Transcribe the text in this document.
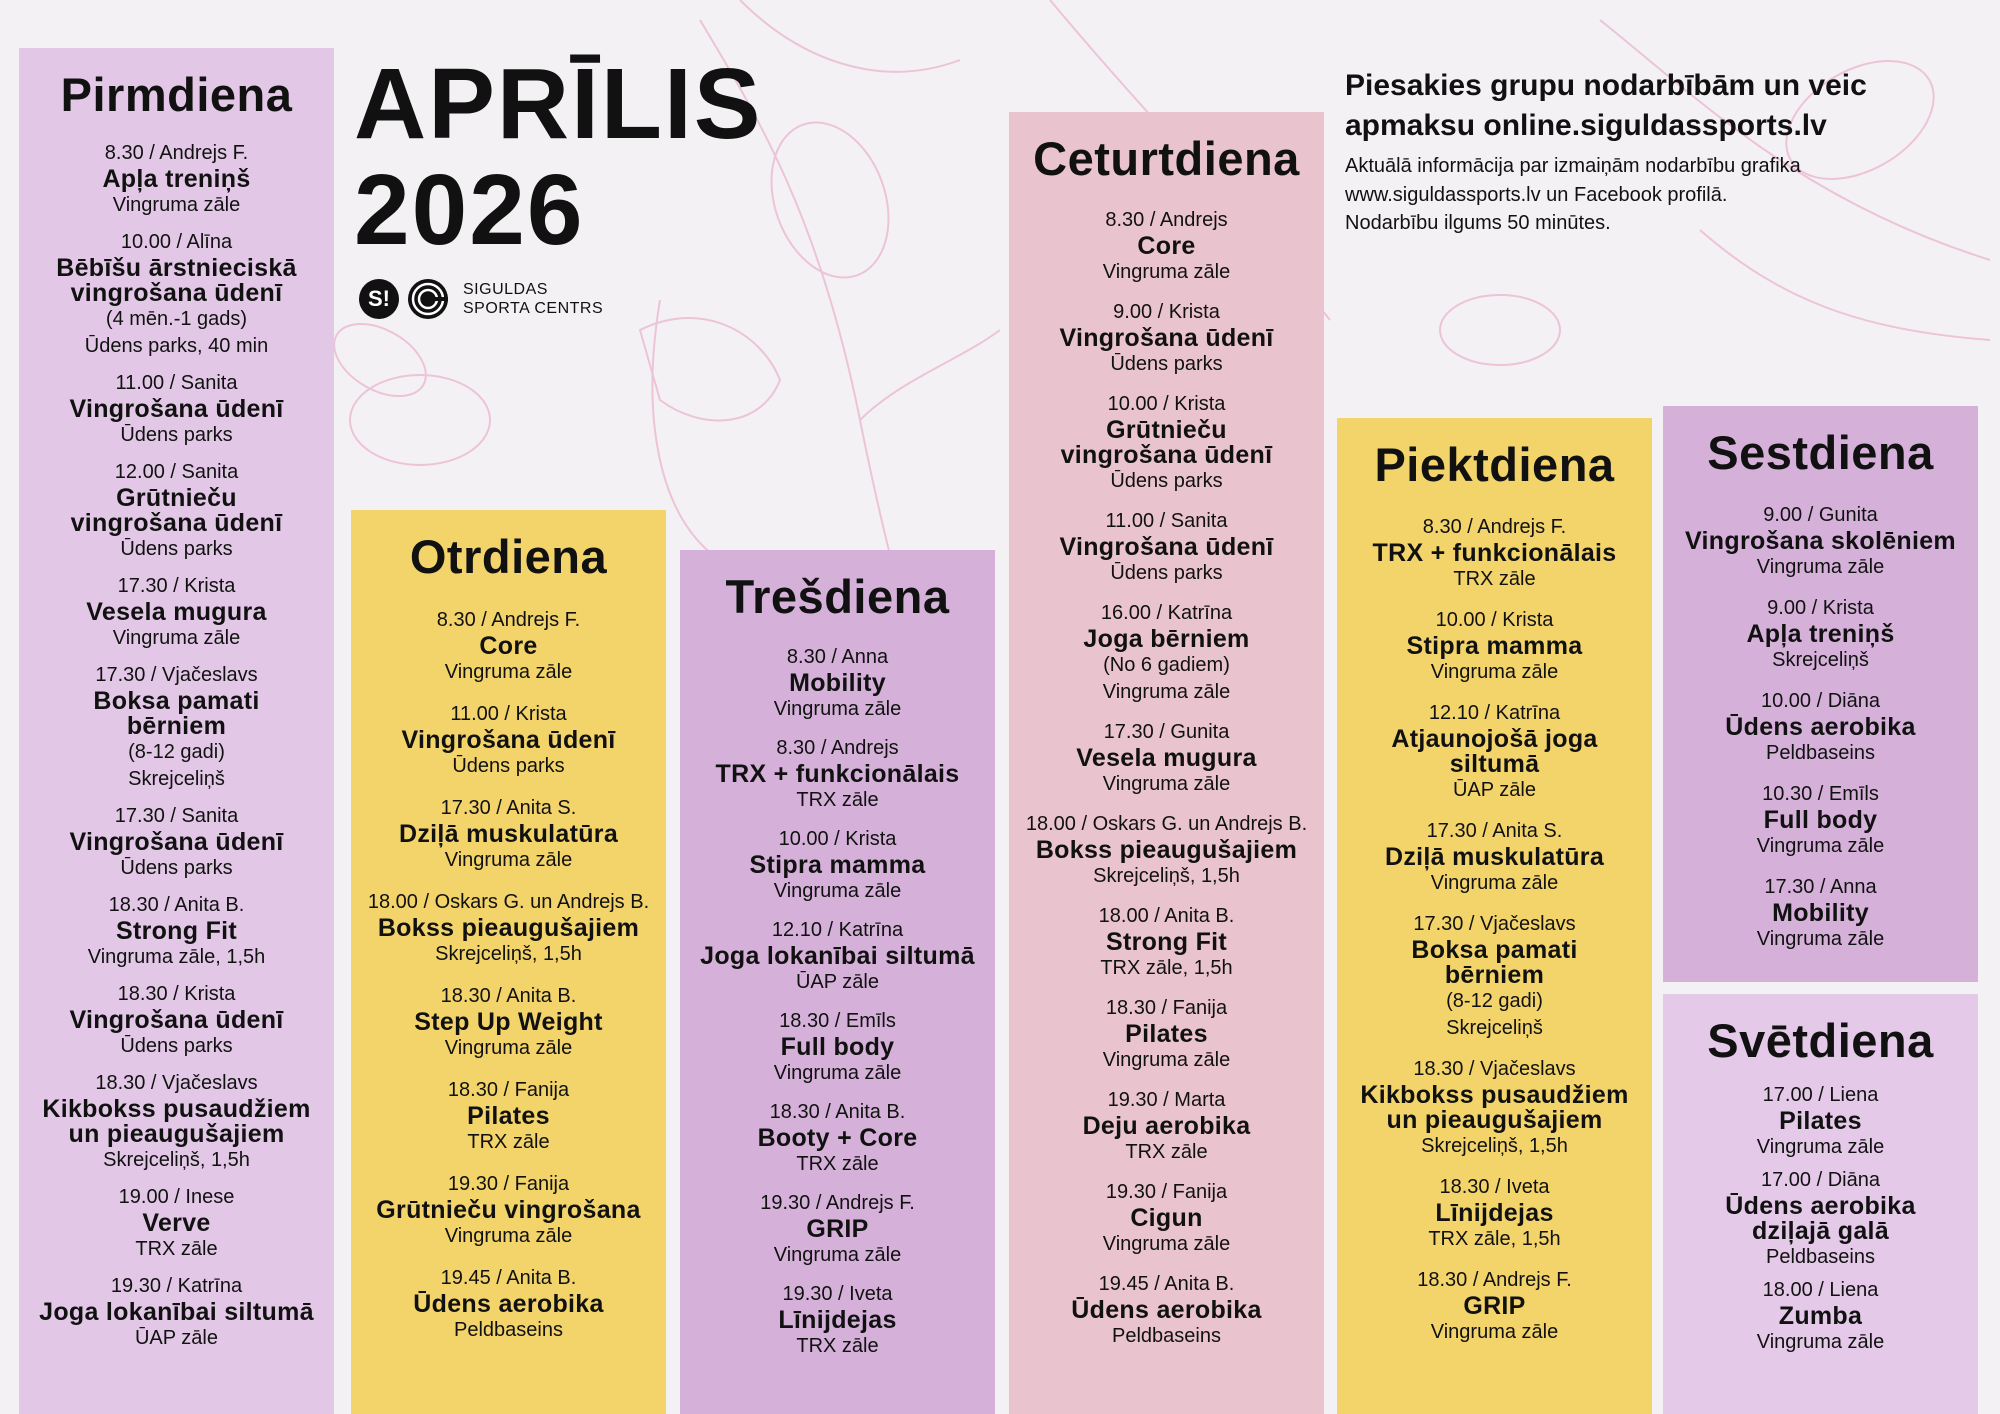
APRĪLIS
2026
S!	SIGULDAS
SPORTA CENTRS
Piesakies grupu nodarbībām un veic
apmaksu online.siguldassports.lv
Aktuālā informācija par izmaiņām nodarbību grafika
www.siguldassports.lv un Facebook profilā.
Nodarbību ilgums 50 minūtes.
Pirmdiena
8.30 / Andrejs F.
Apļa treniņš
Vingruma zāle
10.00 / Alīna
Bēbīšu ārstnieciskā
vingrošana ūdenī
(4 mēn.-1 gads)
Ūdens parks, 40 min
11.00 / Sanita
Vingrošana ūdenī
Ūdens parks
12.00 / Sanita
Grūtnieču
vingrošana ūdenī
Ūdens parks
17.30 / Krista
Vesela mugura
Vingruma zāle
17.30 / Vjačeslavs
Boksa pamati
bērniem
(8-12 gadi)
Skrejceliņš
17.30 / Sanita
Vingrošana ūdenī
Ūdens parks
18.30 / Anita B.
Strong Fit
Vingruma zāle, 1,5h
18.30 / Krista
Vingrošana ūdenī
Ūdens parks
18.30 / Vjačeslavs
Kikbokss pusaudžiem
un pieaugušajiem
Skrejceliņš, 1,5h
19.00 / Inese
Verve
TRX zāle
19.30 / Katrīna
Joga lokanībai siltumā
ŪAP zāle
Otrdiena
8.30 / Andrejs F.
Core
Vingruma zāle
11.00 / Krista
Vingrošana ūdenī
Ūdens parks
17.30 / Anita S.
Dziļā muskulatūra
Vingruma zāle
18.00 / Oskars G. un Andrejs B.
Bokss pieaugušajiem
Skrejceliņš, 1,5h
18.30 / Anita B.
Step Up Weight
Vingruma zāle
18.30 / Fanija
Pilates
TRX zāle
19.30 / Fanija
Grūtnieču vingrošana
Vingruma zāle
19.45 / Anita B.
Ūdens aerobika
Peldbaseins
Trešdiena
8.30 / Anna
Mobility
Vingruma zāle
8.30 / Andrejs
TRX + funkcionālais
TRX zāle
10.00 / Krista
Stipra mamma
Vingruma zāle
12.10 / Katrīna
Joga lokanībai siltumā
ŪAP zāle
18.30 / Emīls
Full body
Vingruma zāle
18.30 / Anita B.
Booty + Core
TRX zāle
19.30 / Andrejs F.
GRIP
Vingruma zāle
19.30 / Iveta
Līnijdejas
TRX zāle
Ceturtdiena
8.30 / Andrejs
Core
Vingruma zāle
9.00 / Krista
Vingrošana ūdenī
Ūdens parks
10.00 / Krista
Grūtnieču
vingrošana ūdenī
Ūdens parks
11.00 / Sanita
Vingrošana ūdenī
Ūdens parks
16.00 / Katrīna
Joga bērniem
(No 6 gadiem)
Vingruma zāle
17.30 / Gunita
Vesela mugura
Vingruma zāle
18.00 / Oskars G. un Andrejs B.
Bokss pieaugušajiem
Skrejceliņš, 1,5h
18.00 / Anita B.
Strong Fit
TRX zāle, 1,5h
18.30 / Fanija
Pilates
Vingruma zāle
19.30 / Marta
Deju aerobika
TRX zāle
19.30 / Fanija
Cigun
Vingruma zāle
19.45 / Anita B.
Ūdens aerobika
Peldbaseins
Piektdiena
8.30 / Andrejs F.
TRX + funkcionālais
TRX zāle
10.00 / Krista
Stipra mamma
Vingruma zāle
12.10 / Katrīna
Atjaunojošā joga
siltumā
ŪAP zāle
17.30 / Anita S.
Dziļā muskulatūra
Vingruma zāle
17.30 / Vjačeslavs
Boksa pamati
bērniem
(8-12 gadi)
Skrejceliņš
18.30 / Vjačeslavs
Kikbokss pusaudžiem
un pieaugušajiem
Skrejceliņš, 1,5h
18.30 / Iveta
Līnijdejas
TRX zāle, 1,5h
18.30 / Andrejs F.
GRIP
Vingruma zāle
Sestdiena
9.00 / Gunita
Vingrošana skolēniem
Vingruma zāle
9.00 / Krista
Apļa treniņš
Skrejceliņš
10.00 / Diāna
Ūdens aerobika
Peldbaseins
10.30 / Emīls
Full body
Vingruma zāle
17.30 / Anna
Mobility
Vingruma zāle
Svētdiena
17.00 / Liena
Pilates
Vingruma zāle
17.00 / Diāna
Ūdens aerobika
dziļajā galā
Peldbaseins
18.00 / Liena
Zumba
Vingruma zāle
